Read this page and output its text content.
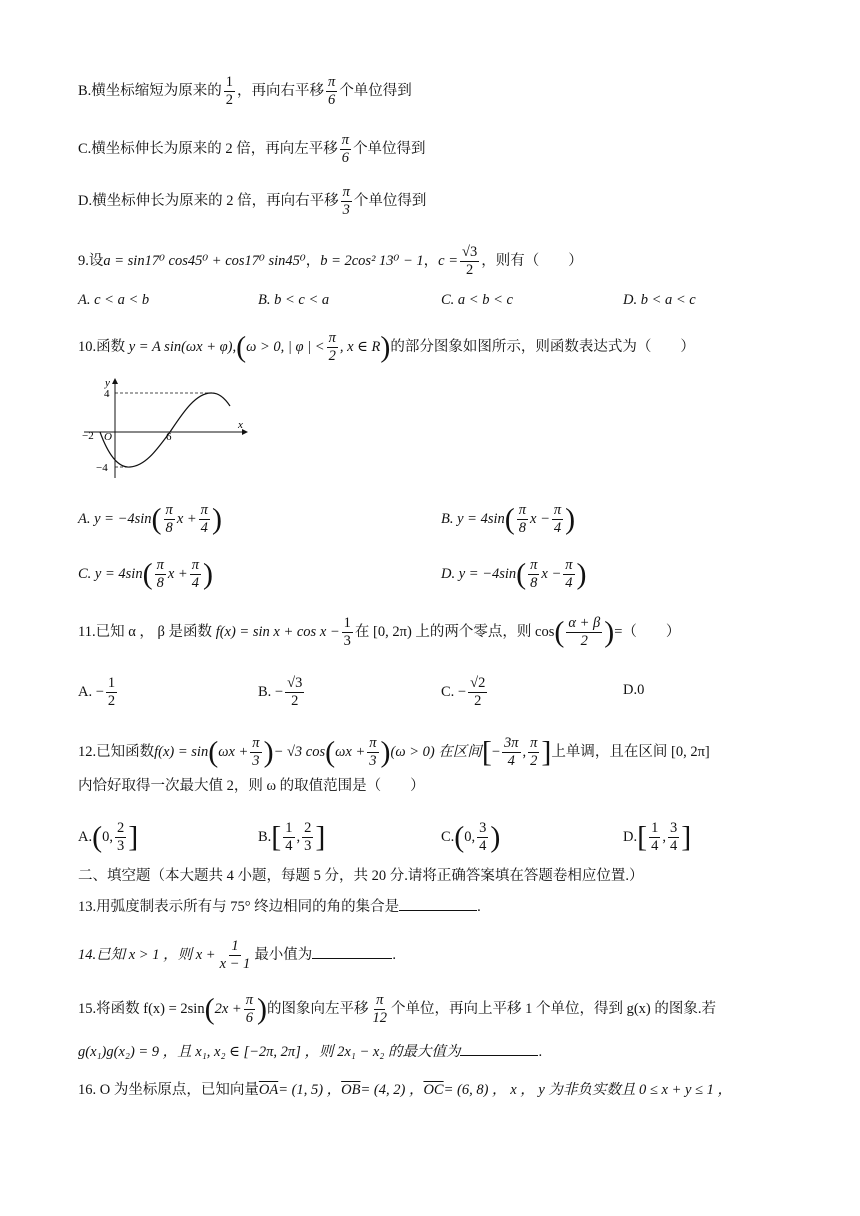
B.横坐标缩短为原来的 $\frac{1}{2}$ ，再向右平移 $\frac{\pi}{6}$ 个单位得到
C.横坐标伸长为原来的 2 倍，再向左平移 $\frac{\pi}{6}$ 个单位得到
D.横坐标伸长为原来的 2 倍，再向右平移 $\frac{\pi}{3}$ 个单位得到
9.设a = sin17⁰ cos45⁰ + cos17⁰ sin45⁰，b = 2cos² 13⁰ − 1，$c = \frac{√3}{2}$ ，则有（　　）
A. c < a < b	B. b < c < a	C. a < b < c	D. b < a < c
10.函数 y = A sin(ωx + φ),(ω > 0, | φ | < $\frac{\pi}{2}$ , x ∈ R)的部分图象如图所示，则函数表达式为（　　）
y
x
4
−4
−2 O	6
A. $y = -4\sin( \frac{\pi}{8}$ $x + \frac{\pi}{4}$ )	B. $y = 4\sin( \frac{\pi}{8}$ $x - \frac{\pi}{4}$ )
C. $y = 4\sin( \frac{\pi}{8}$ $x + \frac{\pi}{4}$ )	D. $y = -4\sin( \frac{\pi}{8}$ $x - \frac{\pi}{4}$ )
11.已知 α ， β 是函数 $f(x) = \sin x + \cos x - \frac{1}{3}$ 在 [0, 2π) 上的两个零点，则 $\cos( \frac{\alpha + \beta}{2}$ )=（　　）
A. − $\frac{1}{2}$	B. − $\frac{√3}{2}$	C. − $\frac{√2}{2}$	D.0
12.已知函数$f(x) = \sin(\omega x + \frac{\pi}{3}$ )− √3 $\cos(\omega x + \frac{\pi}{3} )(\omega > 0)$ 在区间[− $\frac{3\pi}{4}$ , $\frac{\pi}{2}$ ]上单调，且在区间 [0, 2π]
内恰好取得一次最大值 2，则 ω 的取值范围是（　　）
A.(0, $\frac{2}{3}$ ]	$B.[ \frac{1}{4}$ , $\frac{2}{3}$ ]	C.(0, $\frac{3}{4}$ )	$D.[ \frac{1}{4}$ , $\frac{3}{4}$ ]
二、填空题（本大题共 4 小题，每题 5 分，共 20 分.请将正确答案填在答题卷相应位置.）
13.用弧度制表示所有与 75° 终边相同的角的集合是	.
14.已知 x > 1 ，则 $x + \frac{1}{x - 1}$ 最小值为	.
15.将函数 $f(x) = 2\sin(2x + \frac{\pi}{6}$ )的图象向左平移 $\frac{\pi}{12}$ 个单位，再向上平移 1 个单位，得到 g(x) 的图象.若
g(x₁)g(x₂) = 9 ，且 x₁, x₂ ∈ [−2π, 2π] ，则 2x₁ − x₂ 的最大值为	.
16. O 为坐标原点，已知向量$\overline{OA}= (1$, 5) ，$\overline{OB}= (4$, 2) ，$\overline{OC}= (6$, 8) ， x ， y 为非负实数且 0 ≤ x + y ≤ 1 ，
